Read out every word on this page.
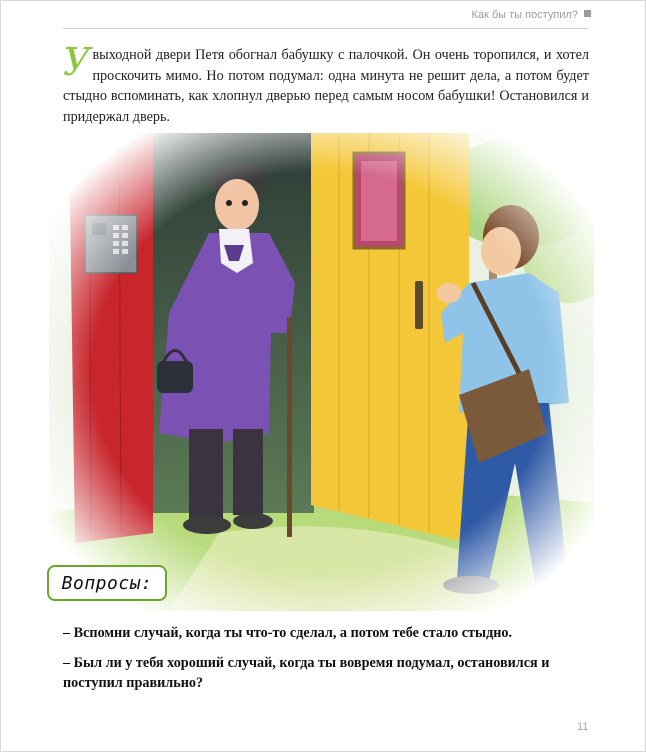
Как бы ты поступил?
У выходной двери Петя обогнал бабушку с палочкой. Он очень торопился, и хотел проскочить мимо. Но потом подумал: одна минута не решит дела, а потом будет стыдно вспоминать, как хлопнул дверью перед самым носом бабушки! Остановился и придержал дверь.
Вопросы:
– Вспомни случай, когда ты что-то сделал, а потом тебе стало стыдно.
– Был ли у тебя хороший случай, когда ты вовремя подумал, остановился и поступил правильно?
11
